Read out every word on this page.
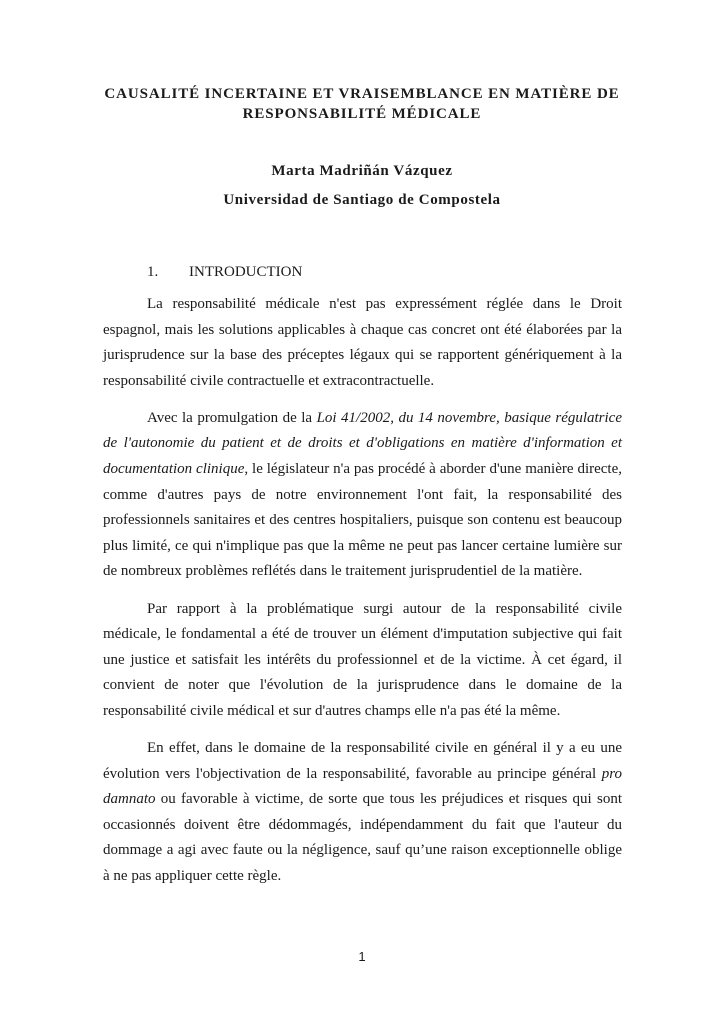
CAUSALITÉ INCERTAINE ET VRAISEMBLANCE EN MATIÈRE DE
RESPONSABILITÉ MÉDICALE
Marta Madriñán Vázquez
Universidad de Santiago de Compostela
1. INTRODUCTION

La responsabilité médicale n'est pas expressément réglée dans le Droit espagnol, mais les solutions applicables à chaque cas concret ont été élaborées par la jurisprudence sur la base des préceptes légaux qui se rapportent génériquement à la responsabilité civile contractuelle et extracontractuelle.

Avec la promulgation de la Loi 41/2002, du 14 novembre, basique régulatrice de l'autonomie du patient et de droits et d'obligations en matière d'information et documentation clinique, le législateur n'a pas procédé à aborder d'une manière directe, comme d'autres pays de notre environnement l'ont fait, la responsabilité des professionnels sanitaires et des centres hospitaliers, puisque son contenu est beaucoup plus limité, ce qui n'implique pas que la même ne peut pas lancer certaine lumière sur de nombreux problèmes reflétés dans le traitement jurisprudentiel de la matière.

Par rapport à la problématique surgi autour de la responsabilité civile médicale, le fondamental a été de trouver un élément d'imputation subjective qui fait une justice et satisfait les intérêts du professionnel et de la victime. À cet égard, il convient de noter que l'évolution de la jurisprudence dans le domaine de la responsabilité civile médical et sur d'autres champs elle n'a pas été la même.

En effet, dans le domaine de la responsabilité civile en général il y a eu une évolution vers l'objectivation de la responsabilité, favorable au principe général pro damnato ou favorable à victime, de sorte que tous les préjudices et risques qui sont occasionnés doivent être dédommagés, indépendamment du fait que l'auteur du dommage a agi avec faute ou la négligence, sauf qu’une raison exceptionnelle oblige à ne pas appliquer cette règle.

1
